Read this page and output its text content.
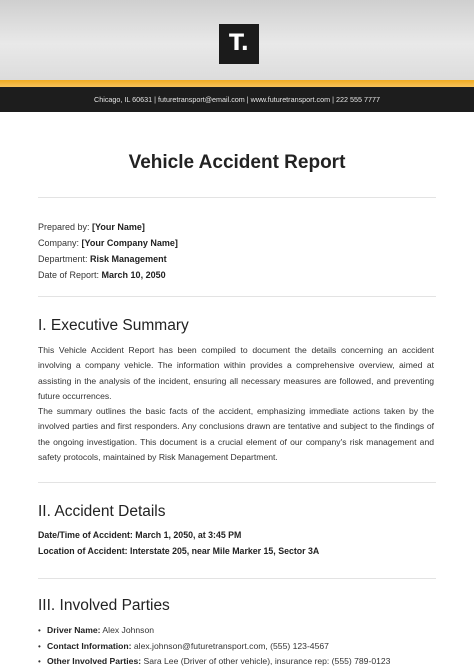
T.
Chicago, IL 60631 | futuretransport@email.com | www.futuretransport.com | 222 555 7777
Vehicle Accident Report
Prepared by: [Your Name]
Company: [Your Company Name]
Department: Risk Management
Date of Report: March 10, 2050
I. Executive Summary

This Vehicle Accident Report has been compiled to document the details concerning an accident involving a company vehicle. The information within provides a comprehensive overview, aimed at assisting in the analysis of the incident, ensuring all necessary measures are followed, and preventing future occurrences.

The summary outlines the basic facts of the accident, emphasizing immediate actions taken by the involved parties and first responders. Any conclusions drawn are tentative and subject to the findings of the ongoing investigation. This document is a crucial element of our company's risk management and safety protocols, maintained by Risk Management Department.

II. Accident Details
Date/Time of Accident: March 1, 2050, at 3:45 PM
Location of Accident: Interstate 205, near Mile Marker 15, Sector 3A
III. Involved Parties
• Driver Name: Alex Johnson
• Contact Information: alex.johnson@futuretransport.com, (555) 123-4567
• Other Involved Parties: Sara Lee (Driver of other vehicle), insurance rep: (555) 789-0123
